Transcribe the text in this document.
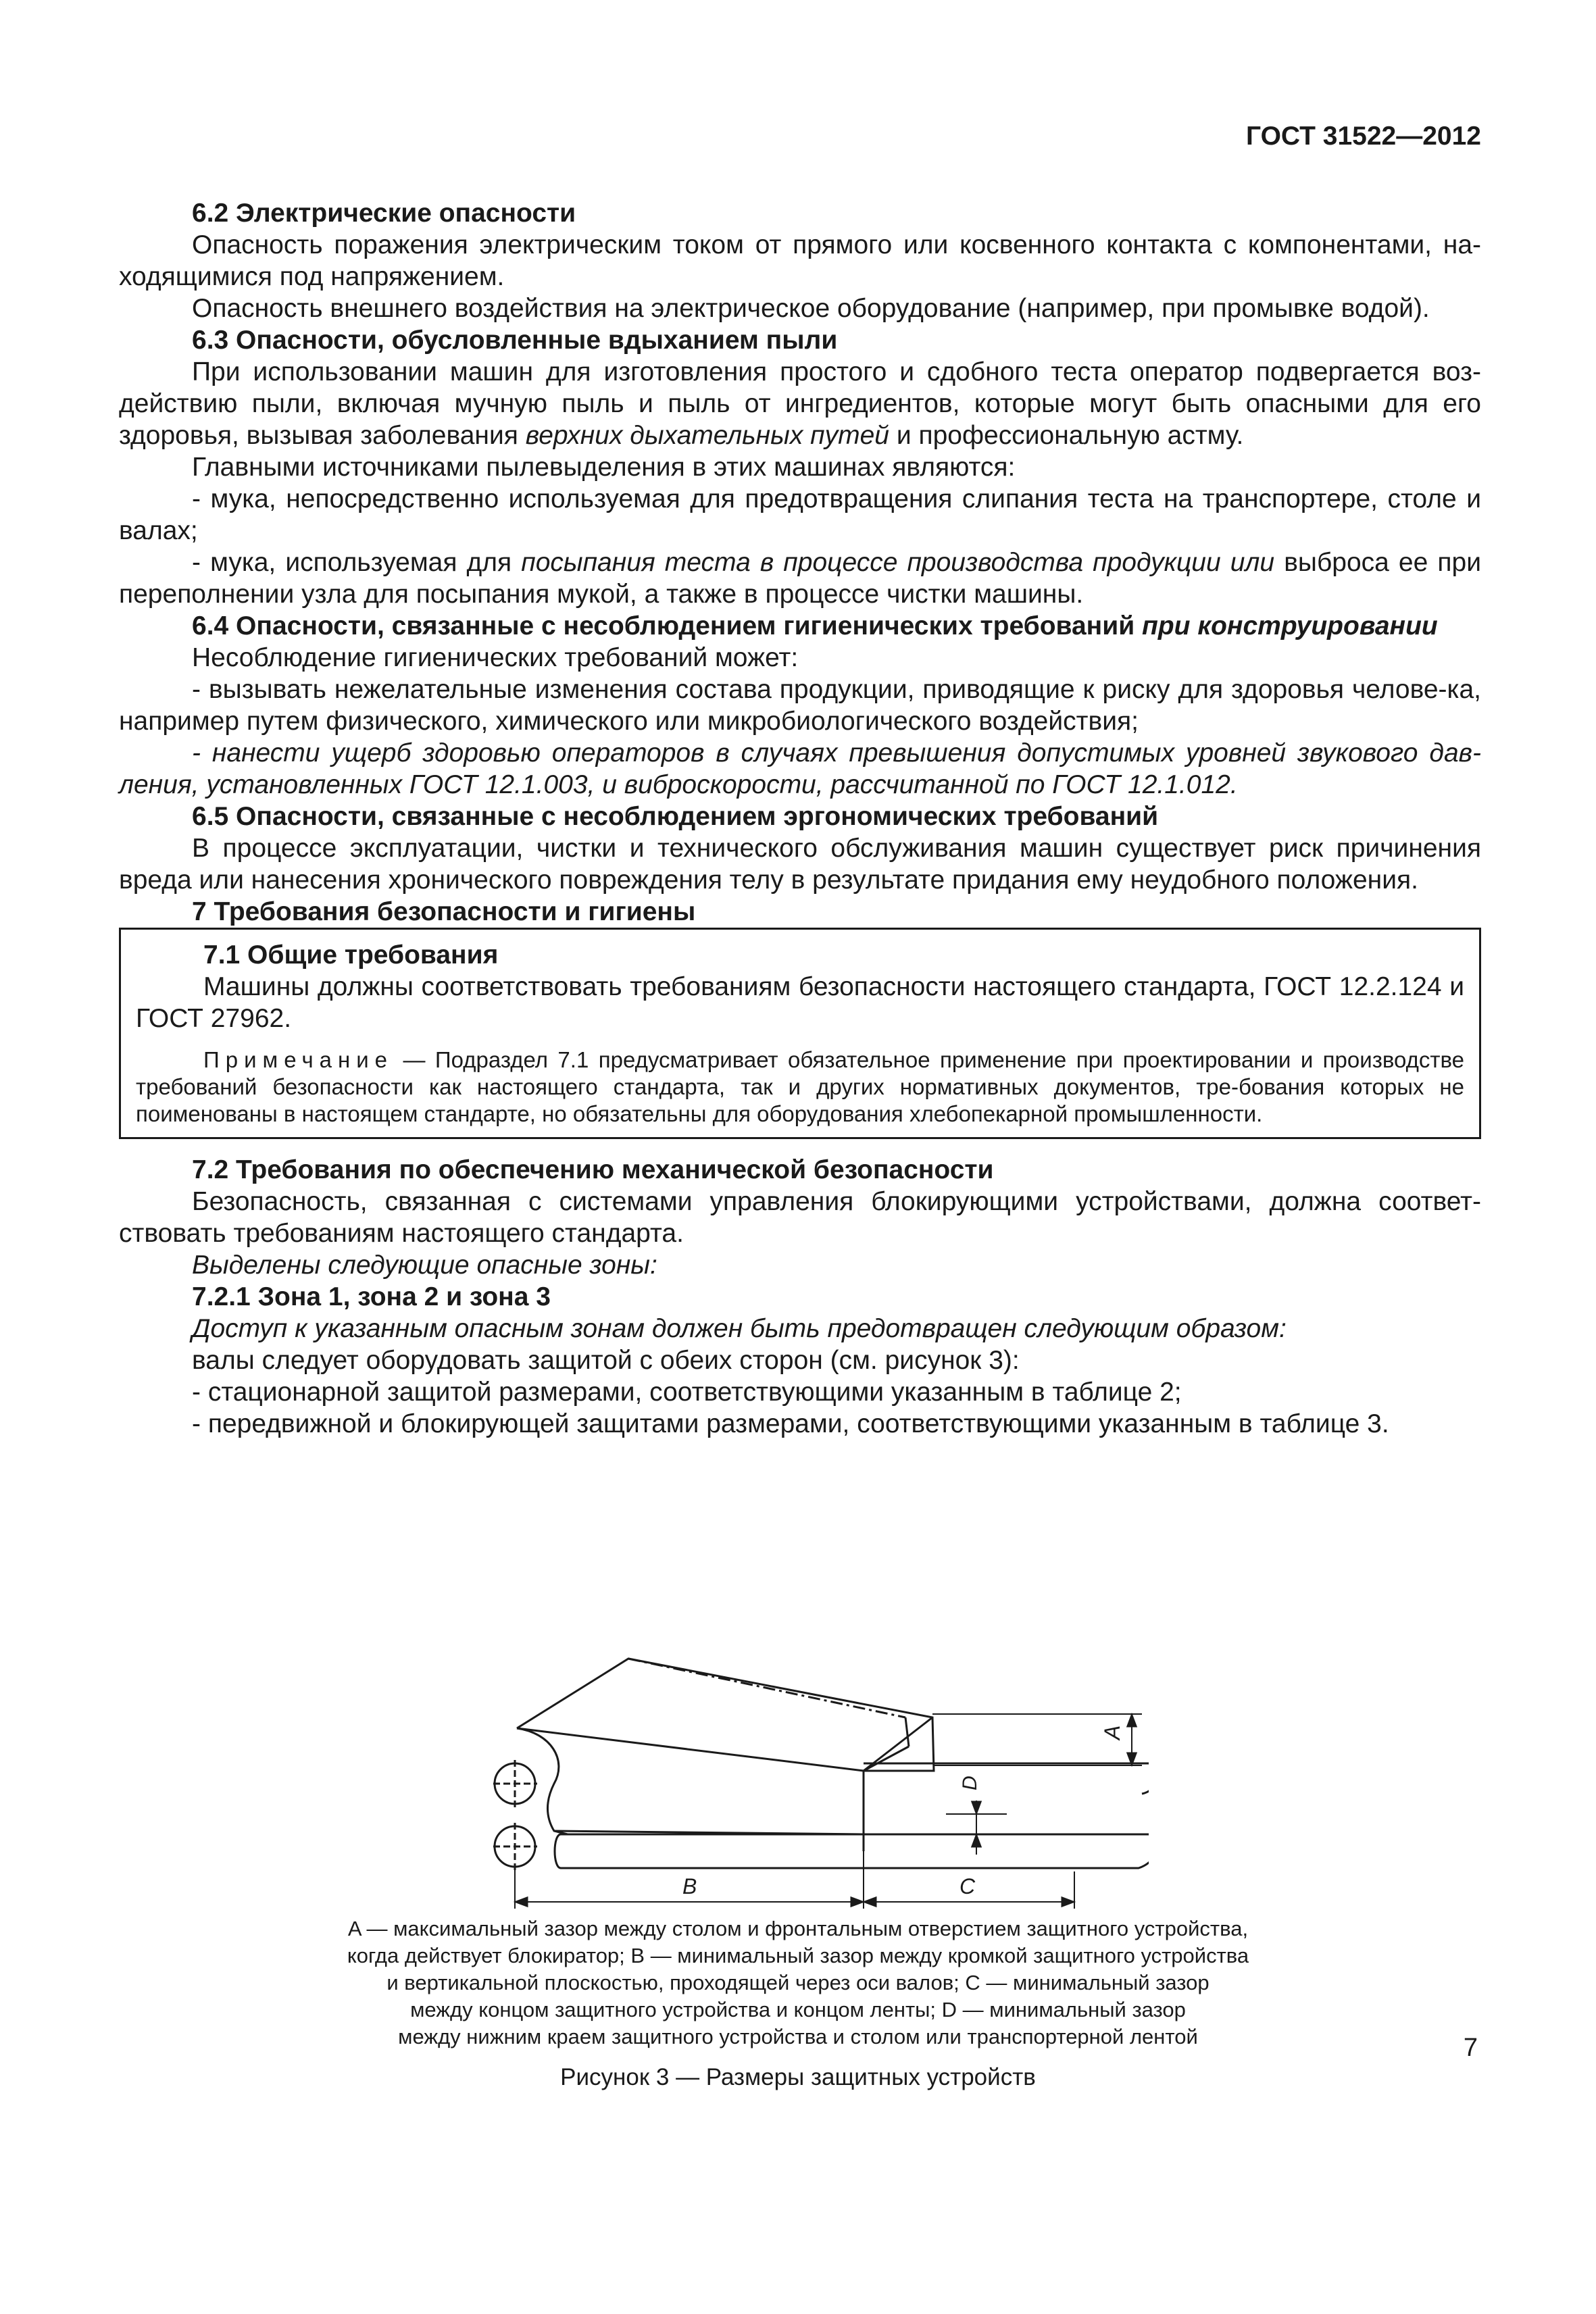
ГОСТ 31522—2012

6.2 Электрические опасности

Опасность поражения электрическим током от прямого или косвенного контакта с компонентами, на-ходящимися под напряжением.

Опасность внешнего воздействия на электрическое оборудование (например, при промывке водой).

6.3 Опасности, обусловленные вдыханием пыли

При использовании машин для изготовления простого и сдобного теста оператор подвергается воз-действию пыли, включая мучную пыль и пыль от ингредиентов, которые могут быть опасными для его здоровья, вызывая заболевания верхних дыхательных путей и профессиональную астму.

Главными источниками пылевыделения в этих машинах являются:

- мука, непосредственно используемая для предотвращения слипания теста на транспортере, столе и валах;

- мука, используемая для посыпания теста в процессе производства продукции или выброса ее при переполнении узла для посыпания мукой, а также в процессе чистки машины.

6.4 Опасности, связанные с несоблюдением гигиенических требований при конструировании

Несоблюдение гигиенических требований может:

- вызывать нежелательные изменения состава продукции, приводящие к риску для здоровья челове-ка, например путем физического, химического или микробиологического воздействия;

- нанести ущерб здоровью операторов в случаях превышения допустимых уровней звукового дав-ления, установленных ГОСТ 12.1.003, и виброскорости, рассчитанной по ГОСТ 12.1.012.

6.5 Опасности, связанные с несоблюдением эргономических требований

В процессе эксплуатации, чистки и технического обслуживания машин существует риск причинения вреда или нанесения хронического повреждения телу в результате придания ему неудобного положения.

7 Требования безопасности и гигиены

7.1 Общие требования

Машины должны соответствовать требованиям безопасности настоящего стандарта, ГОСТ 12.2.124 и ГОСТ 27962.

Примечание — Подраздел 7.1 предусматривает обязательное применение при проектировании и производстве требований безопасности как настоящего стандарта, так и других нормативных документов, тре-бования которых не поименованы в настоящем стандарте, но обязательны для оборудования хлебопекарной промышленности.

7.2 Требования по обеспечению механической безопасности

Безопасность, связанная с системами управления блокирующими устройствами, должна соответ-ствовать требованиям настоящего стандарта.

Выделены следующие опасные зоны:

7.2.1 Зона 1, зона 2 и зона 3

Доступ к указанным опасным зонам должен быть предотвращен следующим образом:

валы следует оборудовать защитой с обеих сторон (см. рисунок 3):

- стационарной защитой размерами, соответствующими указанным в таблице 2;

- передвижной и блокирующей защитами размерами, соответствующими указанным в таблице 3.

A
D
B	C
A — максимальный зазор между столом и фронтальным отверстием защитного устройства,
когда действует блокиратор; B — минимальный зазор между кромкой защитного устройства
и вертикальной плоскостью, проходящей через оси валов; C — минимальный зазор
между концом защитного устройства и концом ленты; D — минимальный зазор
между нижним краем защитного устройства и столом или транспортерной лентой
Рисунок 3 — Размеры защитных устройств
7
